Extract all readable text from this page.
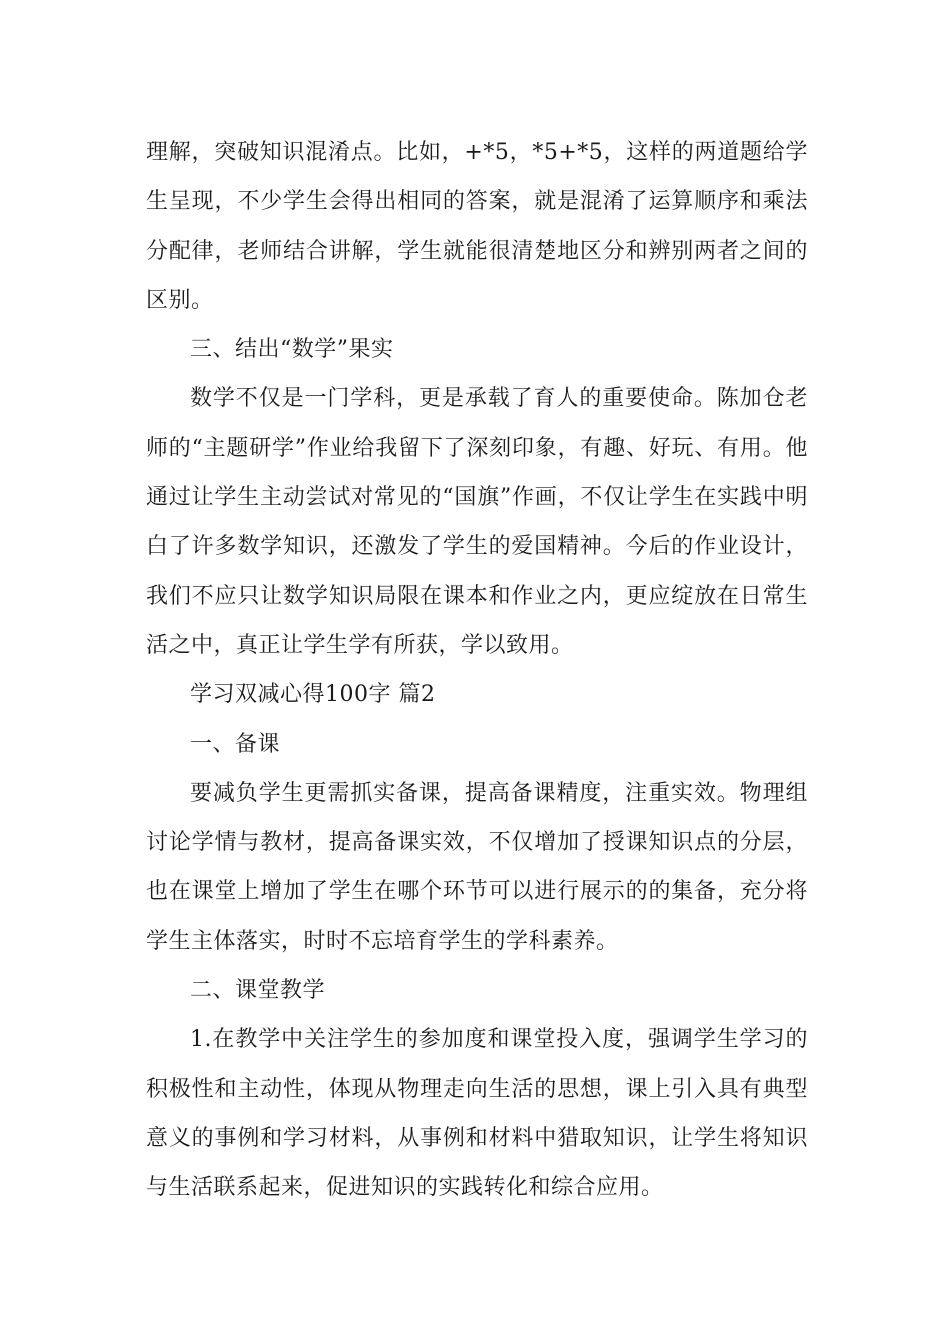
理解，突破知识混淆点。比如，+*5，*5+*5，这样的两道题给学生呈现，不少学生会得出相同的答案，就是混淆了运算顺序和乘法分配律，老师结合讲解，学生就能很清楚地区分和辨别两者之间的区别。

三、结出“数学”果实

数学不仅是一门学科，更是承载了育人的重要使命。陈加仓老师的“主题研学”作业给我留下了深刻印象，有趣、好玩、有用。他通过让学生主动尝试对常见的“国旗”作画，不仅让学生在实践中明白了许多数学知识，还激发了学生的爱国精神。今后的作业设计，我们不应只让数学知识局限在课本和作业之内，更应绽放在日常生活之中，真正让学生学有所获，学以致用。

学习双减心得100字 篇2

一、备课

要减负学生更需抓实备课，提高备课精度，注重实效。物理组讨论学情与教材，提高备课实效，不仅增加了授课知识点的分层，也在课堂上增加了学生在哪个环节可以进行展示的的集备，充分将学生主体落实，时时不忘培育学生的学科素养。

二、课堂教学

1.在教学中关注学生的参加度和课堂投入度，强调学生学习的积极性和主动性，体现从物理走向生活的思想，课上引入具有典型意义的事例和学习材料，从事例和材料中猎取知识，让学生将知识与生活联系起来，促进知识的实践转化和综合应用。
